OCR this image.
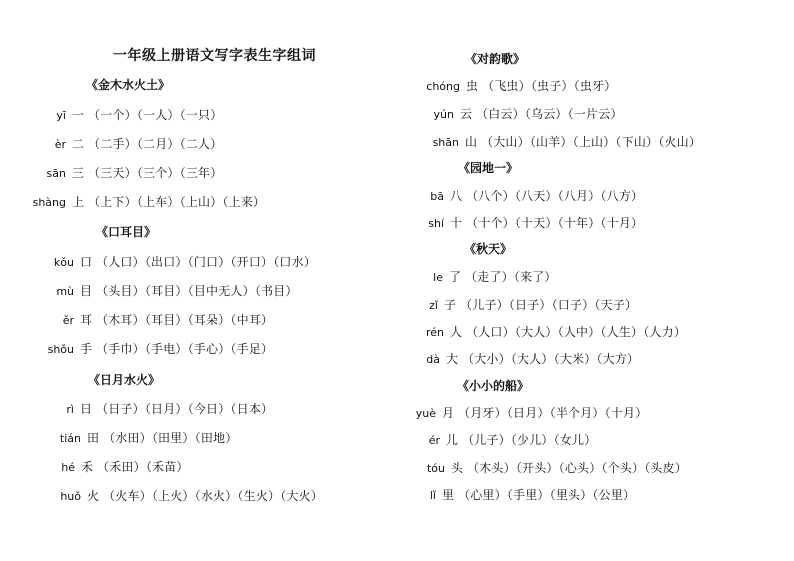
一年级上册语文写字表生字组词
《金木水火土》
yī 一 （一个）（一人）（一只）
èr 二 （二手）（二月）（二人）
sān 三 （三天）（三个）（三年）
shàng 上 （上下）（上车）（上山）（上来）
《口耳目》
kǒu 口 （人口）（出口）（门口）（开口）（口水）
mù 目 （头目）（耳目）（目中无人）（书目）
ěr 耳 （木耳）（耳目）（耳朵）（中耳）
shǒu 手 （手巾）（手电）（手心）（手足）
《日月水火》
rì 日 （日子）（日月）（今日）（日本）
tián 田 （水田）（田里）（田地）
hé 禾 （禾田）（禾苗）
huǒ 火 （火车）（上火）（水火）（生火）（大火）
《对韵歌》
chóng 虫 （飞虫）（虫子）（虫牙）
yún 云 （白云）（乌云）（一片云）
shān 山 （大山）（山羊）（上山）（下山）（火山）
《园地一》
bā 八 （八个）（八天）（八月）（八方）
shí 十 （十个）（十天）（十年）（十月）
《秋天》
le 了 （走了）（来了）
zǐ 子 （儿子）（日子）（口子）（天子）
rén 人 （人口）（大人）（人中）（人生）（人力）
dà 大 （大小）（大人）（大米）（大方）
《小小的船》
yuè 月 （月牙）（日月）（半个月）（十月）
ér 儿 （儿子）（少儿）（女儿）
tóu 头 （木头）（开头）（心头）（个头）（头皮）
lǐ 里 （心里）（手里）（里头）（公里）
